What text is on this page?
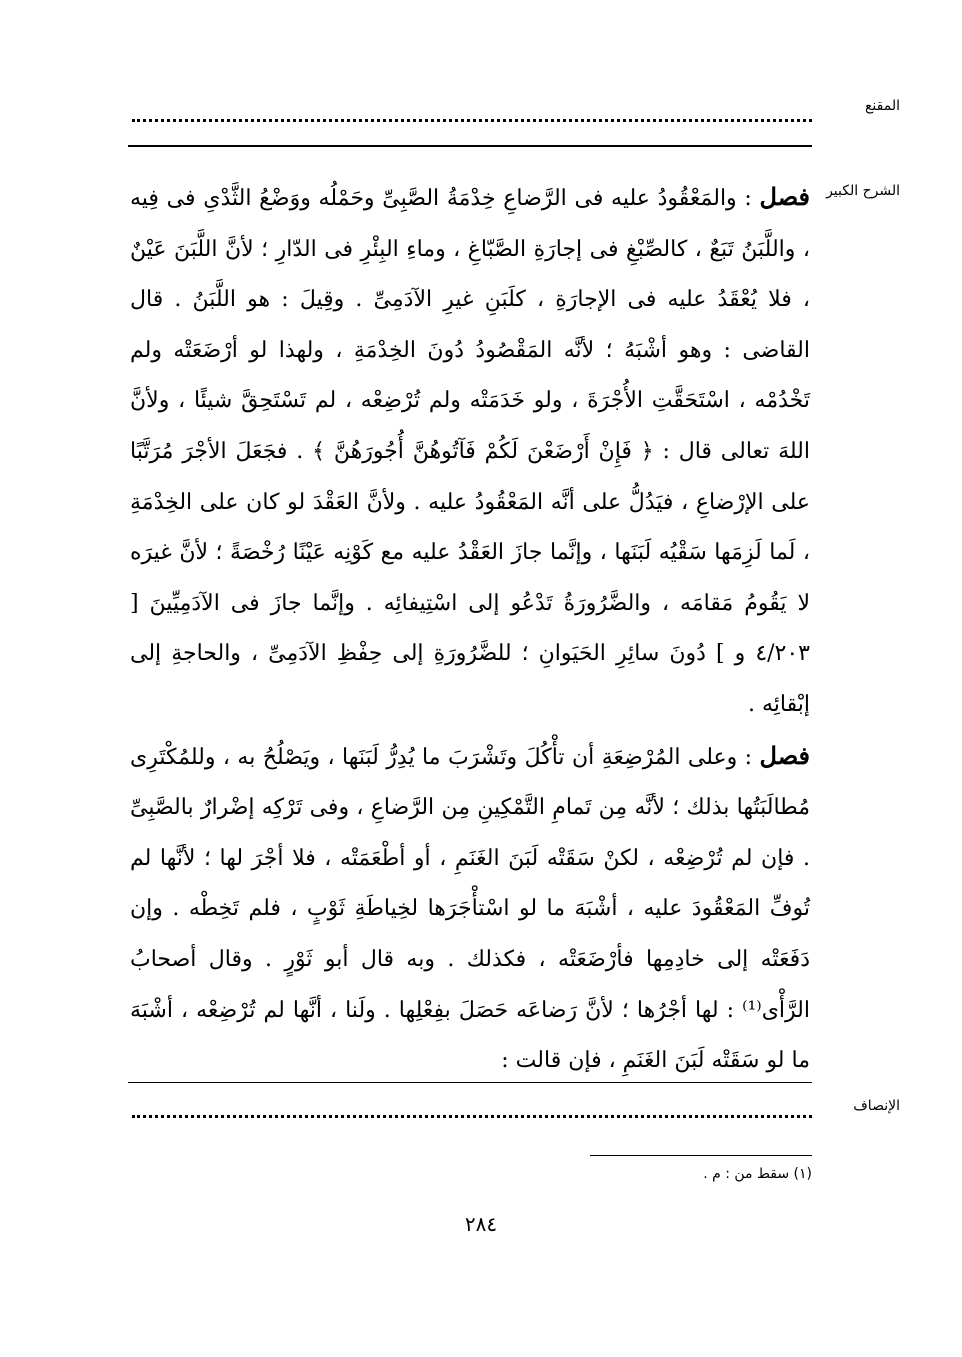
المقنع
الشرح الكبير

فصل : والمَعْقُودُ عليه فى الرَّضاعِ خِدْمَةُ الصَّبِىِّ وحَمْلُه ووَضْعُ الثَّدْىِ فى فِيه ، واللَّبَنُ تَبَعٌ ، كالصِّبْغِ فى إجارَةِ الصَّبّاغِ ، وماءِ البِئْرِ فى الدّارِ ؛ لأنَّ اللَّبَنَ عَيْنٌ ، فلا يُعْقَدُ عليه فى الإجارَةِ ، كلَبَنِ غيرِ الآدَمِىِّ . وقِيلَ : هو اللَّبَنُ . قال القاضى : وهو أشْبَهُ ؛ لأنَّه المَقْصُودُ دُونَ الخِدْمَةِ ، ولهذا لو أرْضَعَتْه ولم تَخْدُمْه ، اسْتَحَقَّتِ الأُجْرَةَ ، ولو خَدَمَتْه ولم تُرْضِعْه ، لم تَسْتَحِقَّ شيئًا ، ولأنَّ اللهَ تعالى قال : ﴿ فَإِنْ أَرْضَعْنَ لَكُمْ فَآتُوهُنَّ أُجُورَهُنَّ ﴾ . فجَعَلَ الأجْرَ مُرَتَّبًا على الإرْضاعِ ، فيَدُلُّ على أنَّه المَعْقُودُ عليه . ولأنَّ العَقْدَ لو كان على الخِدْمَةِ ، لَما لَزِمَها سَقْيُه لَبَنَها ، وإنَّما جازَ العَقْدُ عليه مع كَوْنِه عَيْنًا رُخْصَةً ؛ لأنَّ غيرَه لا يَقُومُ مَقامَه ، والضَّرُورَةُ تَدْعُو إلى اسْتِيفائِه . وإنَّما جازَ فى الآدَمِيِّينَ [ ٤/٢٠٣ و ] دُونَ سائِرِ الحَيَوانِ ؛ للضَّرُورَةِ إلى حِفْظِ الآدَمِىِّ ، والحاجةِ إلى إبْقائِه .

فصل : وعلى المُرْضِعَةِ أن تأْكُلَ وتَشْرَبَ ما يُدِرُّ لَبَنَها ، ويَصْلُحُ به ، وللمُكْتَرِى مُطالَبَتُها بذلك ؛ لأنَّه مِن تَمامِ التَّمْكِينِ مِن الرَّضاعِ ، وفى تَرْكِه إضْرارٌ بالصَّبِىِّ . فإن لم تُرْضِعْه ، لكنْ سَقَتْه لَبَنَ الغَنَمِ ، أو أطْعَمَتْه ، فلا أجْرَ لها ؛ لأنَّها لم تُوفِّ المَعْقُودَ عليه ، أشْبَهَ ما لو اسْتأْجَرَها لخِياطَةِ ثَوْبٍ ، فلم تَخِطْه . وإن دَفَعَتْه إلى خادِمِها فأرْضَعَتْه ، فكذلك . وبه قال أبو ثَوْرٍ . وقال أصحابُ الرَّأْى⁽¹⁾ : لها أجْرُها ؛ لأنَّ رَضاعَه حَصَلَ بفِعْلِها . ولَنا ، أنَّها لم تُرْضِعْه ، أشْبَهَ ما لو سَقَتْه لَبَنَ الغَنَمِ ، فإن قالت :

الإنصاف
(١) سقط من : م .
٢٨٤
